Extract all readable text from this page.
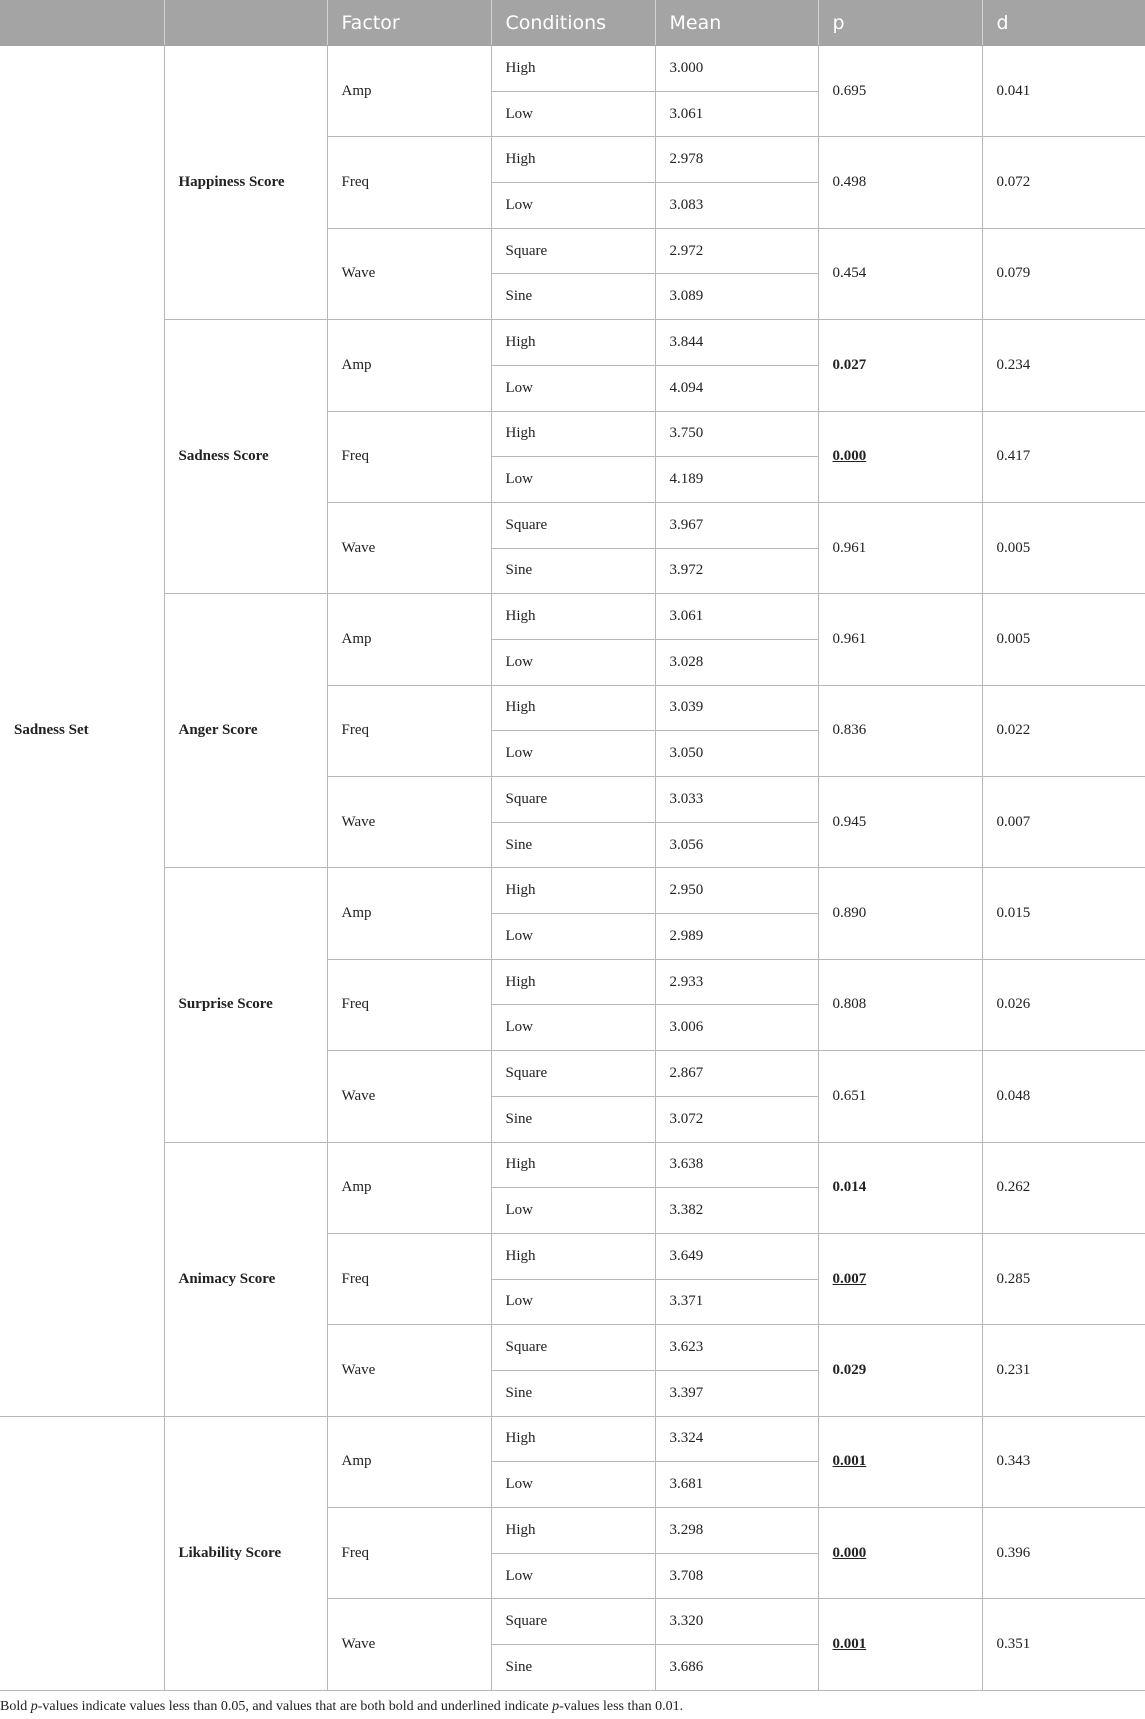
		Factor	Conditions	Mean	p	d
Sadness Set	Happiness Score	Amp	High	3.000	0.695	0.041
			Low	3.061		
		Freq	High	2.978	0.498	0.072
			Low	3.083		
		Wave	Square	2.972	0.454	0.079
			Sine	3.089		
	Sadness Score	Amp	High	3.844	0.027	0.234
			Low	4.094		
		Freq	High	3.750	0.000	0.417
			Low	4.189		
		Wave	Square	3.967	0.961	0.005
			Sine	3.972		
	Anger Score	Amp	High	3.061	0.961	0.005
			Low	3.028		
		Freq	High	3.039	0.836	0.022
			Low	3.050		
		Wave	Square	3.033	0.945	0.007
			Sine	3.056		
	Surprise Score	Amp	High	2.950	0.890	0.015
			Low	2.989		
		Freq	High	2.933	0.808	0.026
			Low	3.006		
		Wave	Square	2.867	0.651	0.048
			Sine	3.072		
	Animacy Score	Amp	High	3.638	0.014	0.262
			Low	3.382		
		Freq	High	3.649	0.007	0.285
			Low	3.371		
		Wave	Square	3.623	0.029	0.231
			Sine	3.397		
	Likability Score	Amp	High	3.324	0.001	0.343
			Low	3.681		
		Freq	High	3.298	0.000	0.396
			Low	3.708		
		Wave	Square	3.320	0.001	0.351
			Sine	3.686		
Bold p-values indicate values less than 0.05, and values that are both bold and underlined indicate p-values less than 0.01.
